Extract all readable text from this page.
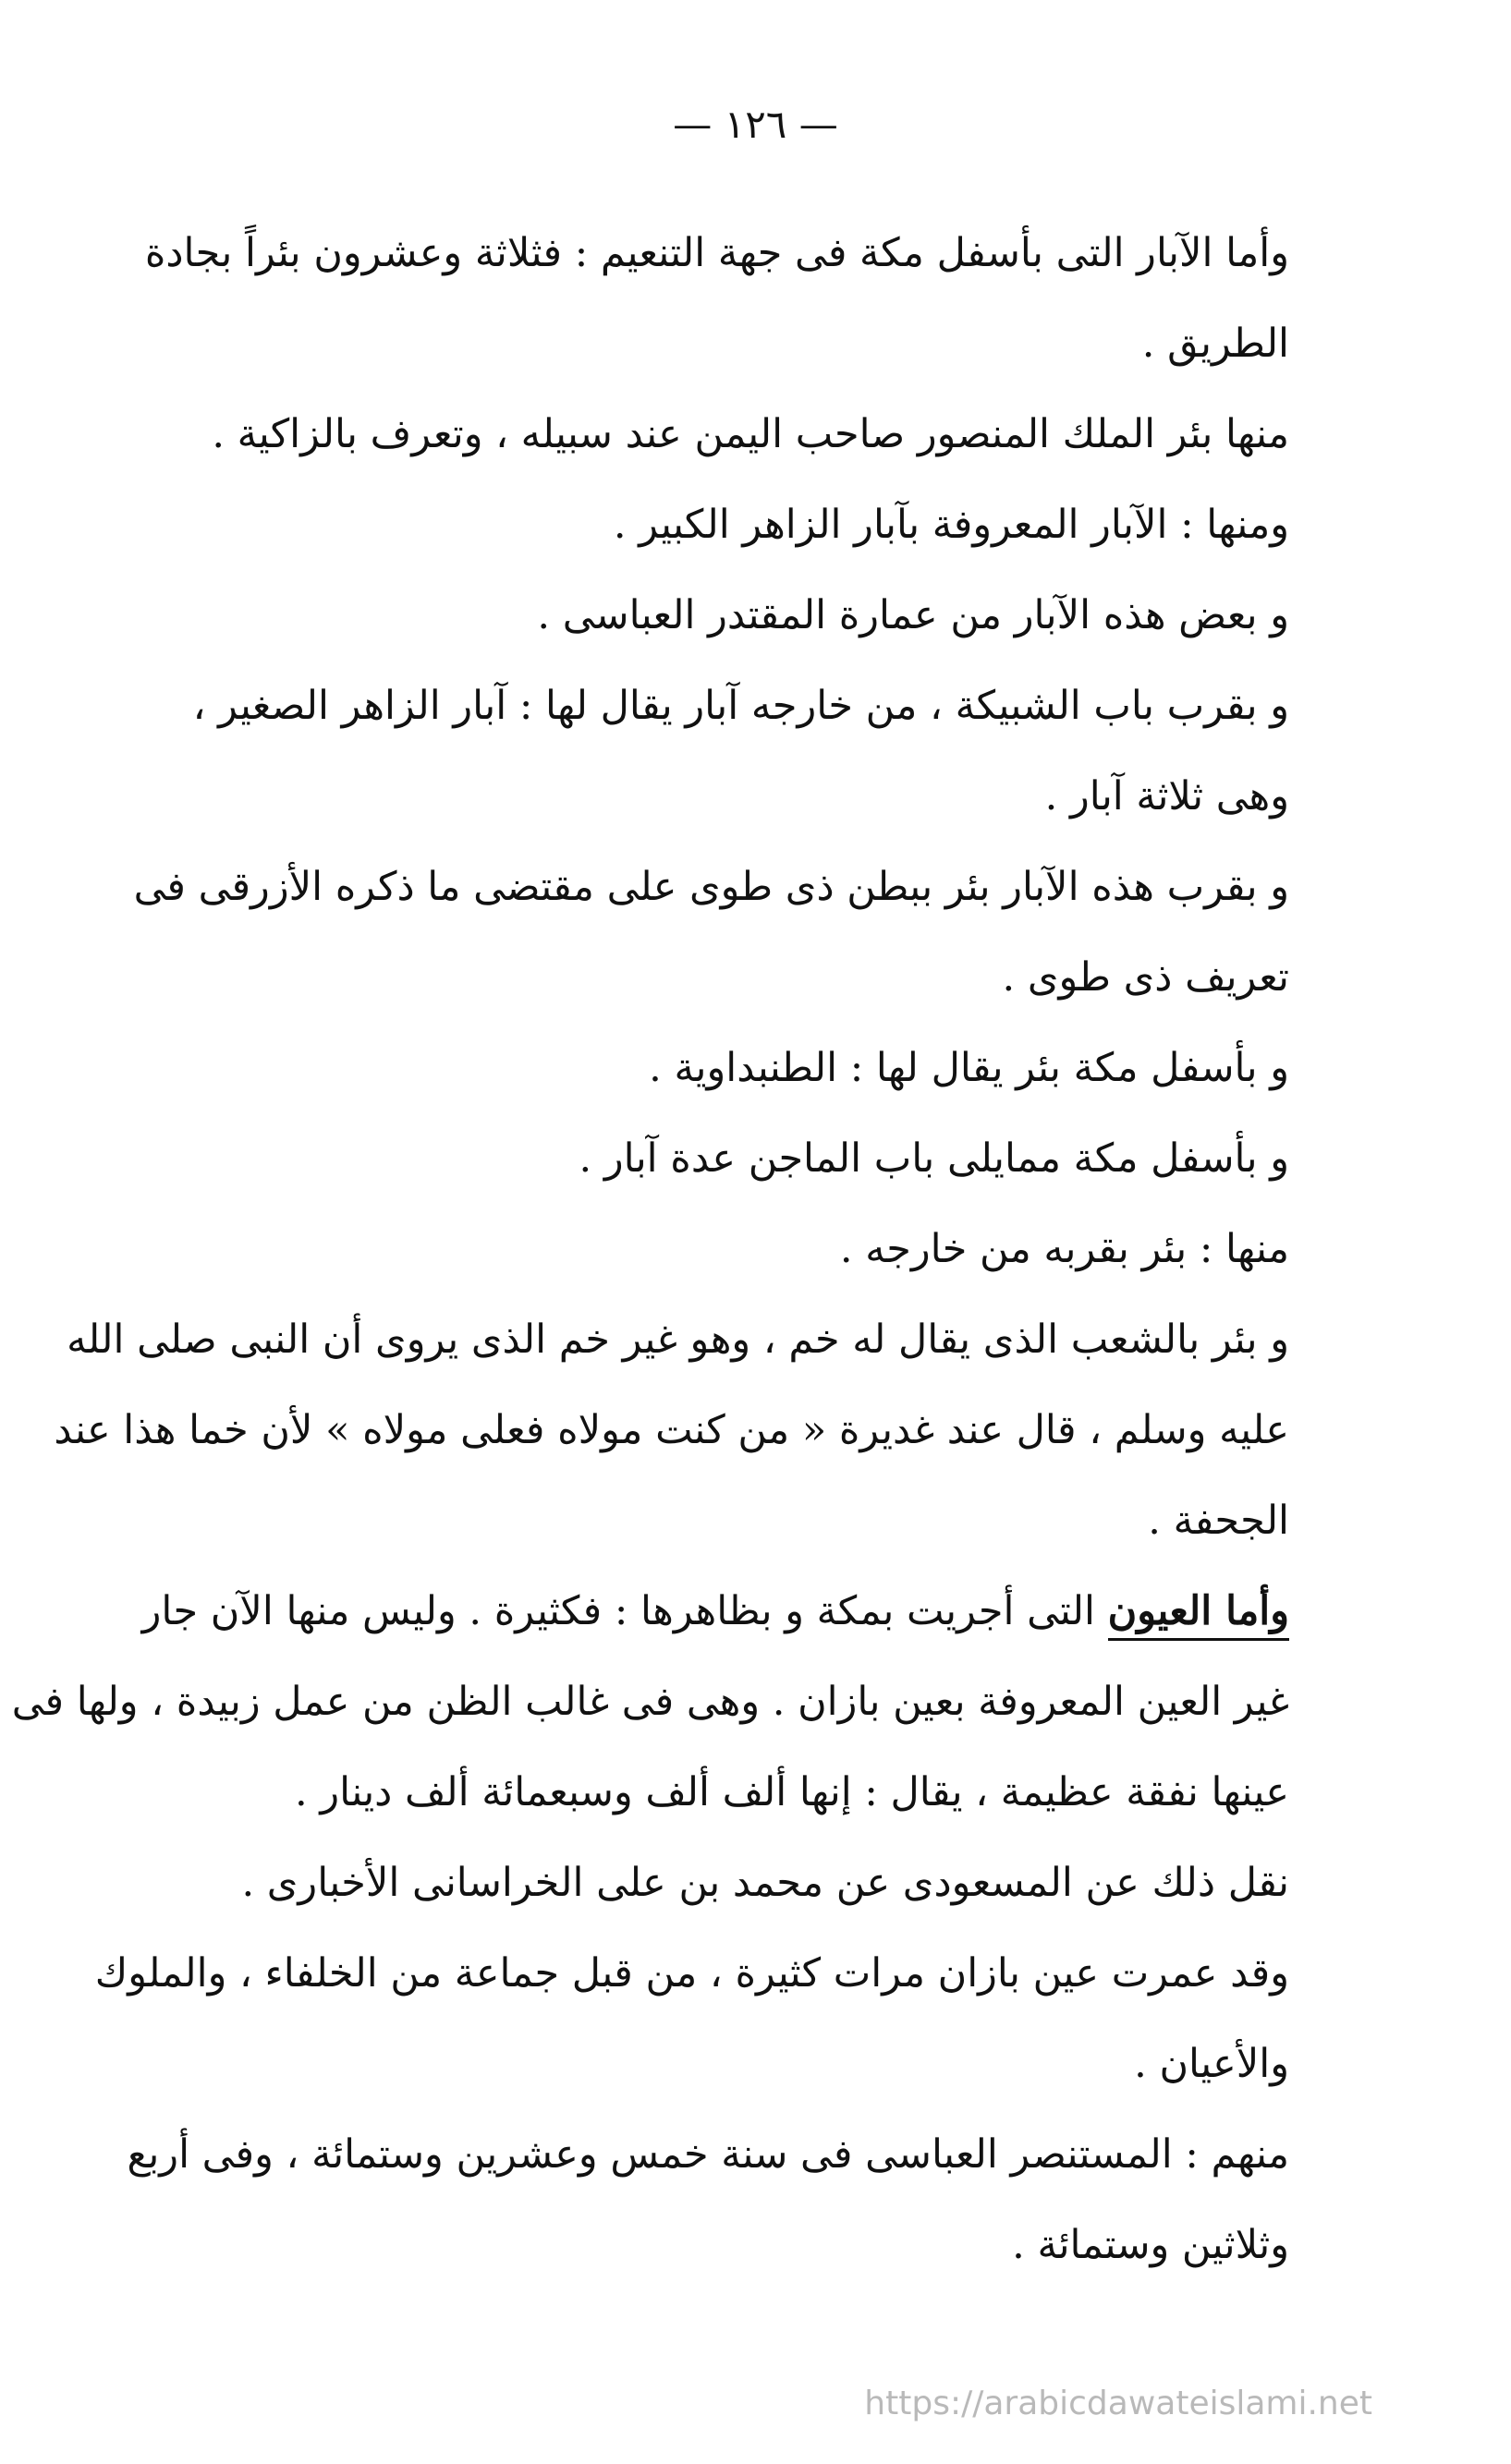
— ١٢٦ —
وأما الآبار التى بأسفل مكة فى جهة التنعيم : فثلاثة وعشرون بئراً بجادة
الطريق .
منها بئر الملك المنصور صاحب اليمن عند سبيله ، وتعرف بالزاكية .
ومنها : الآبار المعروفة بآبار الزاهر الكبير .
و بعض هذه الآبار من عمارة المقتدر العباسى .
و بقرب باب الشبيكة ، من خارجه آبار يقال لها : آبار الزاهر الصغير ،
وهى ثلاثة آبار .
و بقرب هذه الآبار بئر ببطن ذى طوى على مقتضى ما ذكره الأزرقى فى
تعريف ذى طوى .
و بأسفل مكة بئر يقال لها : الطنبداوية .
و بأسفل مكة ممايلى باب الماجن عدة آبار .
منها : بئر بقربه من خارجه .
و بئر بالشعب الذى يقال له خم ، وهو غير خم الذى يروى أن النبى صلى الله
عليه وسلم ، قال عند غديرة « من كنت مولاه فعلى مولاه » لأن خما هذا عند
الجحفة .
وأما العيون التى أجريت بمكة و بظاهرها : فكثيرة . وليس منها الآن جار
غير العين المعروفة بعين بازان . وهى فى غالب الظن من عمل زبيدة ، ولها فى
عينها نفقة عظيمة ، يقال : إنها ألف ألف وسبعمائة ألف دينار .
نقل ذلك عن المسعودى عن محمد بن على الخراسانى الأخبارى .
وقد عمرت عين بازان مرات كثيرة ، من قبل جماعة من الخلفاء ، والملوك
والأعيان .
منهم : المستنصر العباسى فى سنة خمس وعشرين وستمائة ، وفى أربع
وثلاثين وستمائة .
https://arabicdawateislami.net
